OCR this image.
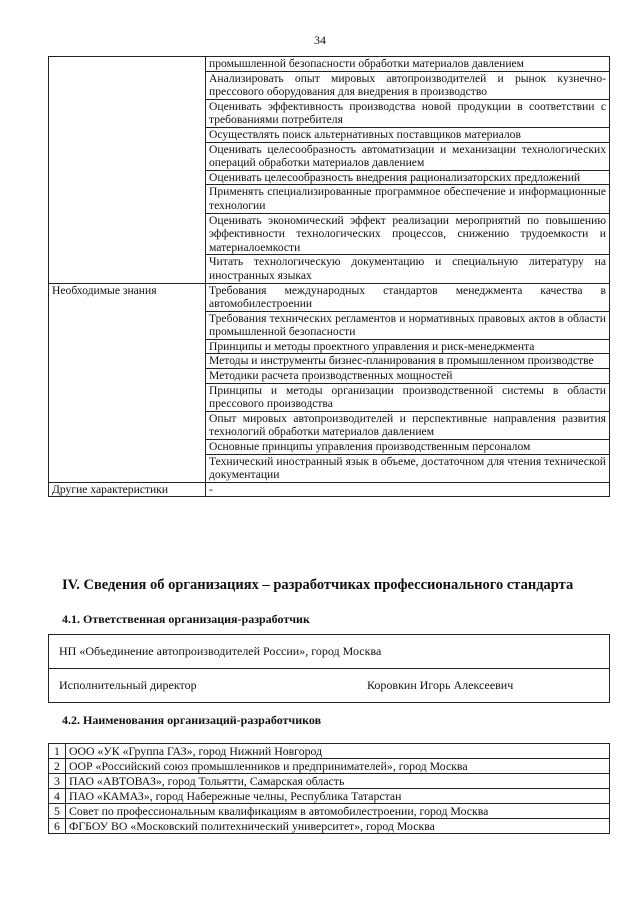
34
	промышленной безопасности обработки материалов давлением
	Анализировать опыт мировых автопроизводителей и рынок кузнечно-прессового оборудования для внедрения в производство
	Оценивать эффективность производства новой продукции в соответствии с требованиями потребителя
	Осуществлять поиск альтернативных поставщиков материалов
	Оценивать целесообразность автоматизации и механизации технологических операций обработки материалов давлением
	Оценивать целесообразность внедрения рационализаторских предложений
	Применять специализированные программное обеспечение и информационные технологии
	Оценивать экономический эффект реализации мероприятий по повышению эффективности технологических процессов, снижению трудоемкости и материалоемкости
	Читать технологическую документацию и специальную литературу на иностранных языках
Необходимые знания	Требования международных стандартов менеджмента качества в автомобилестроении
	Требования технических регламентов и нормативных правовых актов в области промышленной безопасности
	Принципы и методы проектного управления и риск-менеджмента
	Методы и инструменты бизнес-планирования в промышленном производстве
	Методики расчета производственных мощностей
	Принципы и методы организации производственной системы в области прессового производства
	Опыт мировых автопроизводителей и перспективные направления развития технологий обработки материалов давлением
	Основные принципы управления производственным персоналом
	Технический иностранный язык в объеме, достаточном для чтения технической документации
Другие характеристики	-
IV. Сведения об организациях – разработчиках профессионального стандарта
4.1. Ответственная организация-разработчик
НП «Объединение автопроизводителей России», город Москва
Исполнительный директор	Коровкин Игорь Алексеевич
4.2. Наименования организаций-разработчиков
1	ООО «УК «Группа ГАЗ», город Нижний Новгород
2	ООР «Российский союз промышленников и предпринимателей», город Москва
3	ПАО «АВТОВАЗ», город Тольятти, Самарская область
4	ПАО «КАМАЗ», город Набережные челны, Республика Татарстан
5	Совет по профессиональным квалификациям в автомобилестроении, город Москва
6	ФГБОУ ВО «Московский политехнический университет», город Москва
